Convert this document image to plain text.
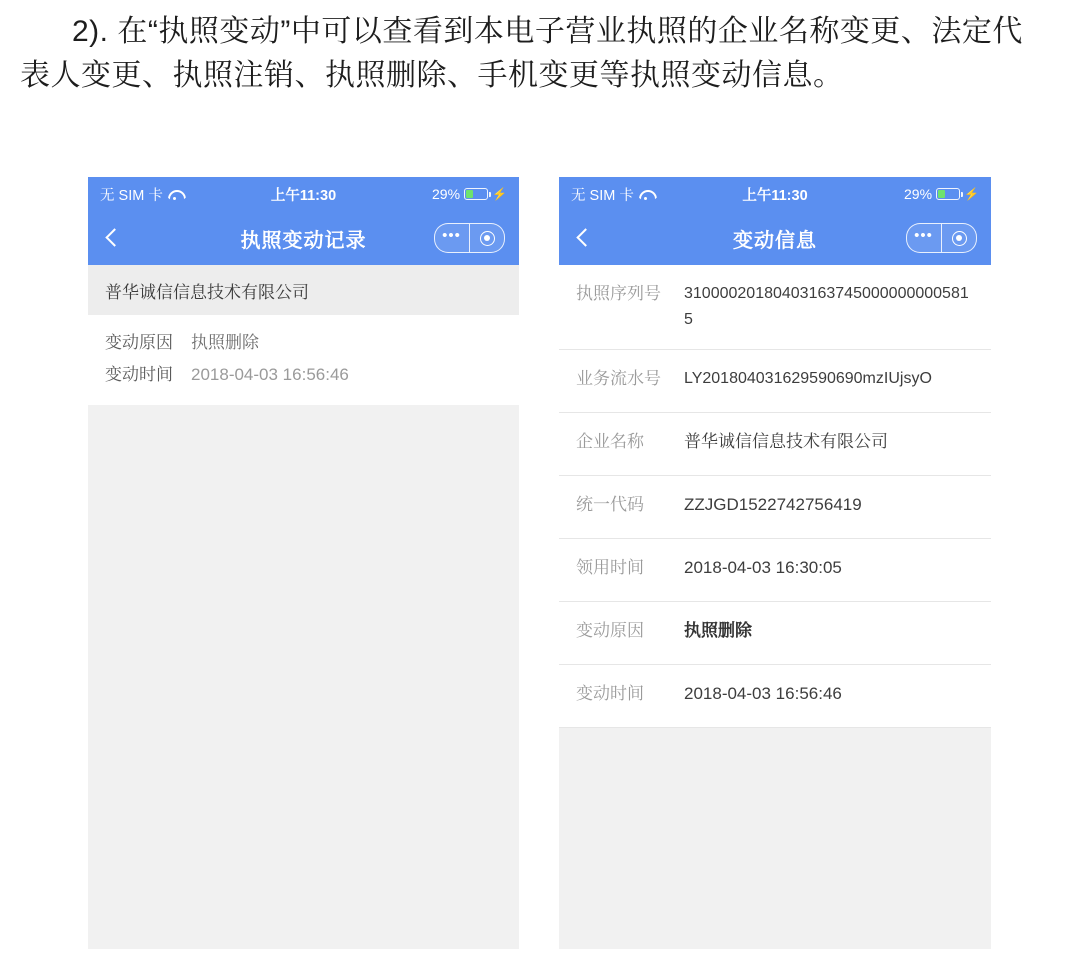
2). 在“执照变动”中可以查看到本电子营业执照的企业名称变更、法定代表人变更、执照注销、执照删除、手机变更等执照变动信息。
无 SIM 卡	上午11:30	29%	⚡
执照变动记录	•••
普华诚信信息技术有限公司
变动原因	执照删除
变动时间	2018-04-03 16:56:46
无 SIM 卡	上午11:30	29%	⚡
变动信息	•••
执照序列号	310000201804031637450000000005815
业务流水号	LY201804031629590690mzIUjsyO
企业名称	普华诚信信息技术有限公司
统一代码	ZZJGD1522742756419
领用时间	2018-04-03 16:30:05
变动原因	执照删除
变动时间	2018-04-03 16:56:46
